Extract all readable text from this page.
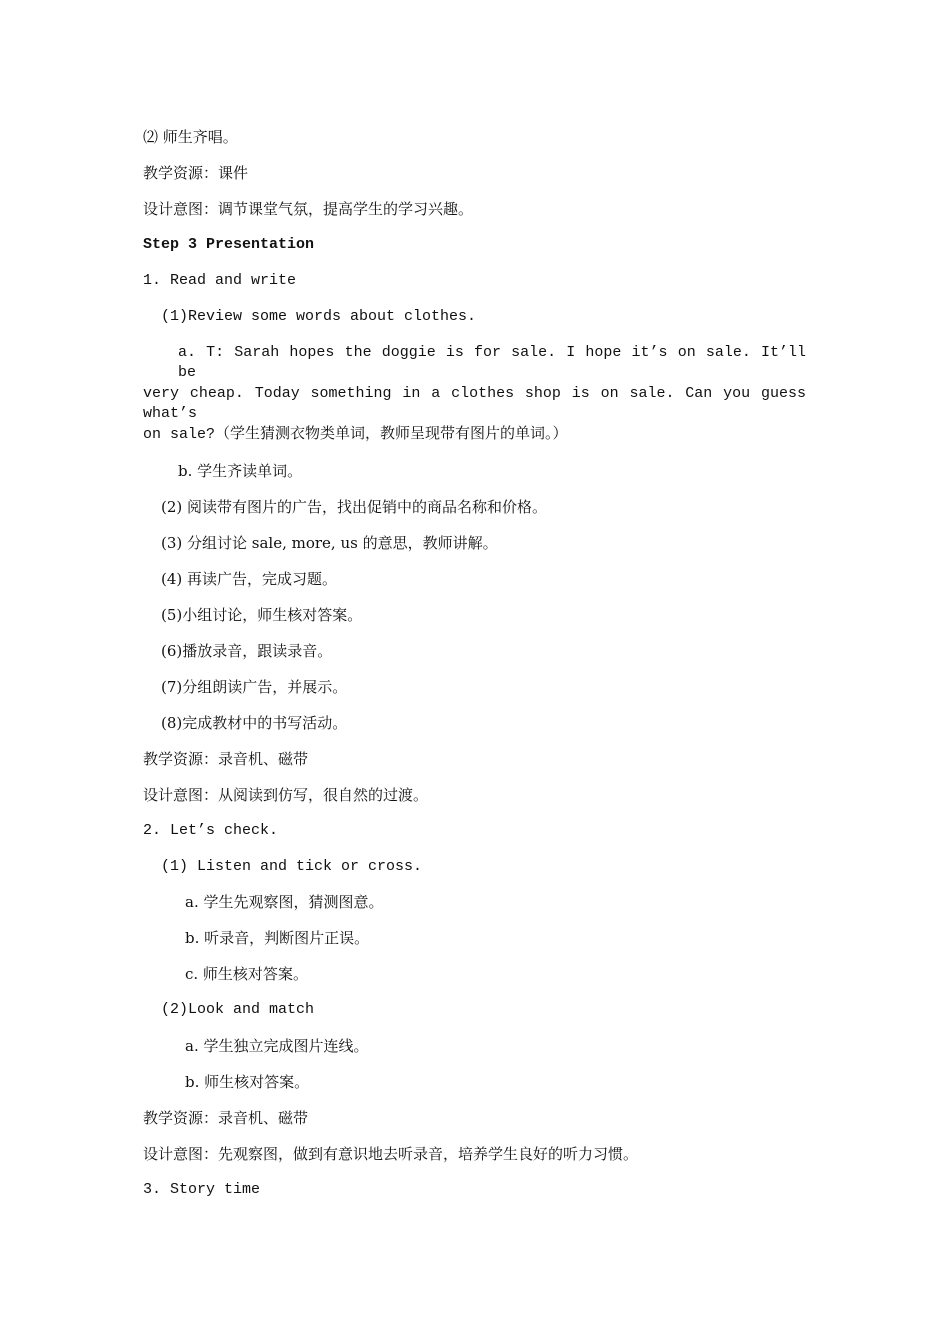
⑵ 师生齐唱。
教学资源：课件
设计意图：调节课堂气氛，提高学生的学习兴趣。
Step 3 Presentation
1. Read and write
(1)Review some words about clothes.
a. T: Sarah hopes the doggie is for sale. I hope it’s on sale. It’ll be
very cheap. Today something in a clothes shop is on sale. Can you guess what’s
on sale?（学生猜测衣物类单词，教师呈现带有图片的单词。）
b. 学生齐读单词。
(2) 阅读带有图片的广告，找出促销中的商品名称和价格。
(3) 分组讨论 sale, more, us 的意思，教师讲解。
(4) 再读广告，完成习题。
(5)小组讨论，师生核对答案。
(6)播放录音，跟读录音。
(7)分组朗读广告，并展示。
(8)完成教材中的书写活动。
教学资源：录音机、磁带
设计意图：从阅读到仿写，很自然的过渡。
2. Let’s check.
(1) Listen and tick or cross.
a. 学生先观察图，猜测图意。
b. 听录音，判断图片正误。
c. 师生核对答案。
(2)Look and match
a. 学生独立完成图片连线。
b. 师生核对答案。
教学资源：录音机、磁带
设计意图：先观察图，做到有意识地去听录音，培养学生良好的听力习惯。
3. Story time
